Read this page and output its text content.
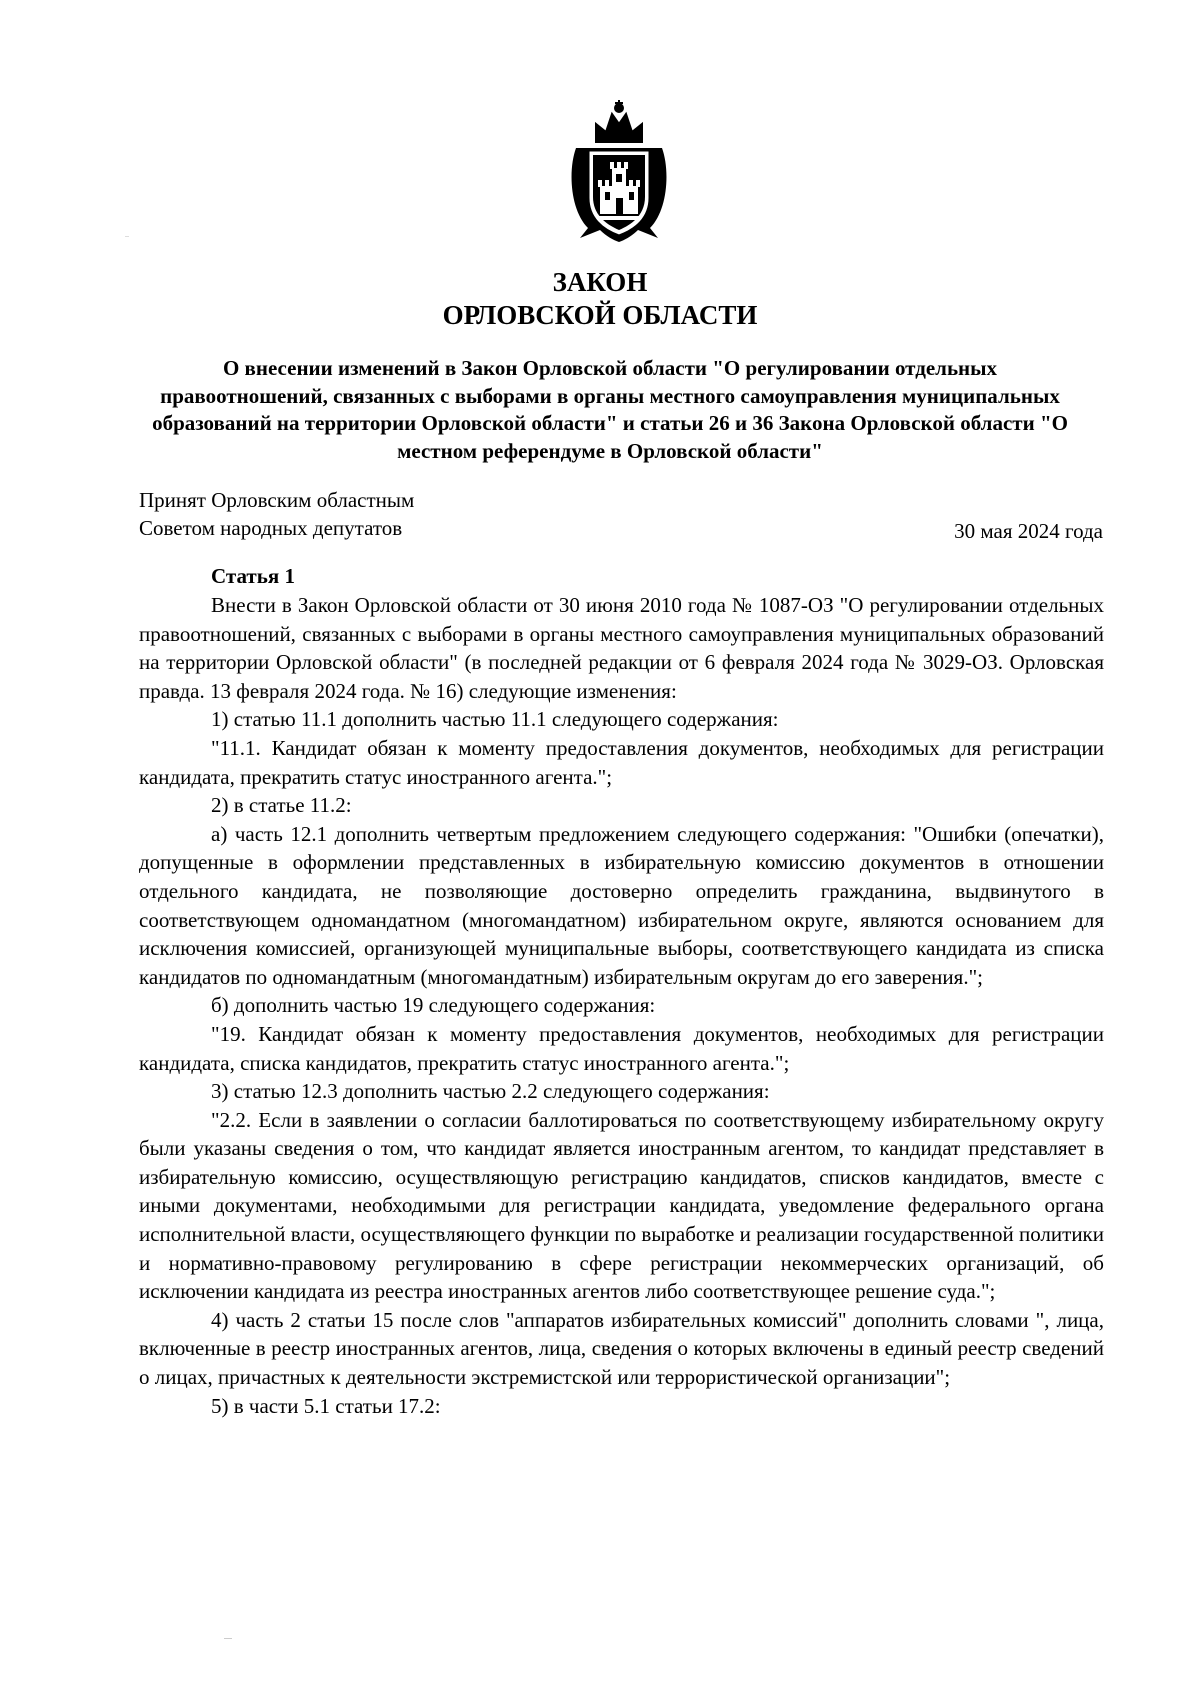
ЗАКОН
ОРЛОВСКОЙ ОБЛАСТИ
О внесении изменений в Закон Орловской области "О регулировании отдельных правоотношений, связанных с выборами в органы местного самоуправления муниципальных образований на территории Орловской области" и статьи 26 и 36 Закона Орловской области "О местном референдуме в Орловской области"
Принят Орловским областным
Советом народных депутатов	30 мая 2024 года
Статья 1

Внести в Закон Орловской области от 30 июня 2010 года № 1087-ОЗ "О регулировании отдельных правоотношений, связанных с выборами в органы местного самоуправления муниципальных образований на территории Орловской области" (в последней редакции от 6 февраля 2024 года № 3029-ОЗ. Орловская правда. 13 февраля 2024 года. № 16) следующие изменения:

1) статью 11.1 дополнить частью 11.1 следующего содержания:

"11.1. Кандидат обязан к моменту предоставления документов, необходимых для регистрации кандидата, прекратить статус иностранного агента.";

2) в статье 11.2:

а) часть 12.1 дополнить четвертым предложением следующего содержания: "Ошибки (опечатки), допущенные в оформлении представленных в избирательную комиссию документов в отношении отдельного кандидата, не позволяющие достоверно определить гражданина, выдвинутого в соответствующем одномандатном (многомандатном) избирательном округе, являются основанием для исключения комиссией, организующей муниципальные выборы, соответствующего кандидата из списка кандидатов по одномандатным (многомандатным) избирательным округам до его заверения.";

б) дополнить частью 19 следующего содержания:

"19. Кандидат обязан к моменту предоставления документов, необходимых для регистрации кандидата, списка кандидатов, прекратить статус иностранного агента.";

3) статью 12.3 дополнить частью 2.2 следующего содержания:

"2.2. Если в заявлении о согласии баллотироваться по соответствующему избирательному округу были указаны сведения о том, что кандидат является иностранным агентом, то кандидат представляет в избирательную комиссию, осуществляющую регистрацию кандидатов, списков кандидатов, вместе с иными документами, необходимыми для регистрации кандидата, уведомление федерального органа исполнительной власти, осуществляющего функции по выработке и реализации государственной политики и нормативно-правовому регулированию в сфере регистрации некоммерческих организаций, об исключении кандидата из реестра иностранных агентов либо соответствующее решение суда.";

4) часть 2 статьи 15 после слов "аппаратов избирательных комиссий" дополнить словами ", лица, включенные в реестр иностранных агентов, лица, сведения о которых включены в единый реестр сведений о лицах, причастных к деятельности экстремистской или террористической организации";

5) в части 5.1 статьи 17.2:
